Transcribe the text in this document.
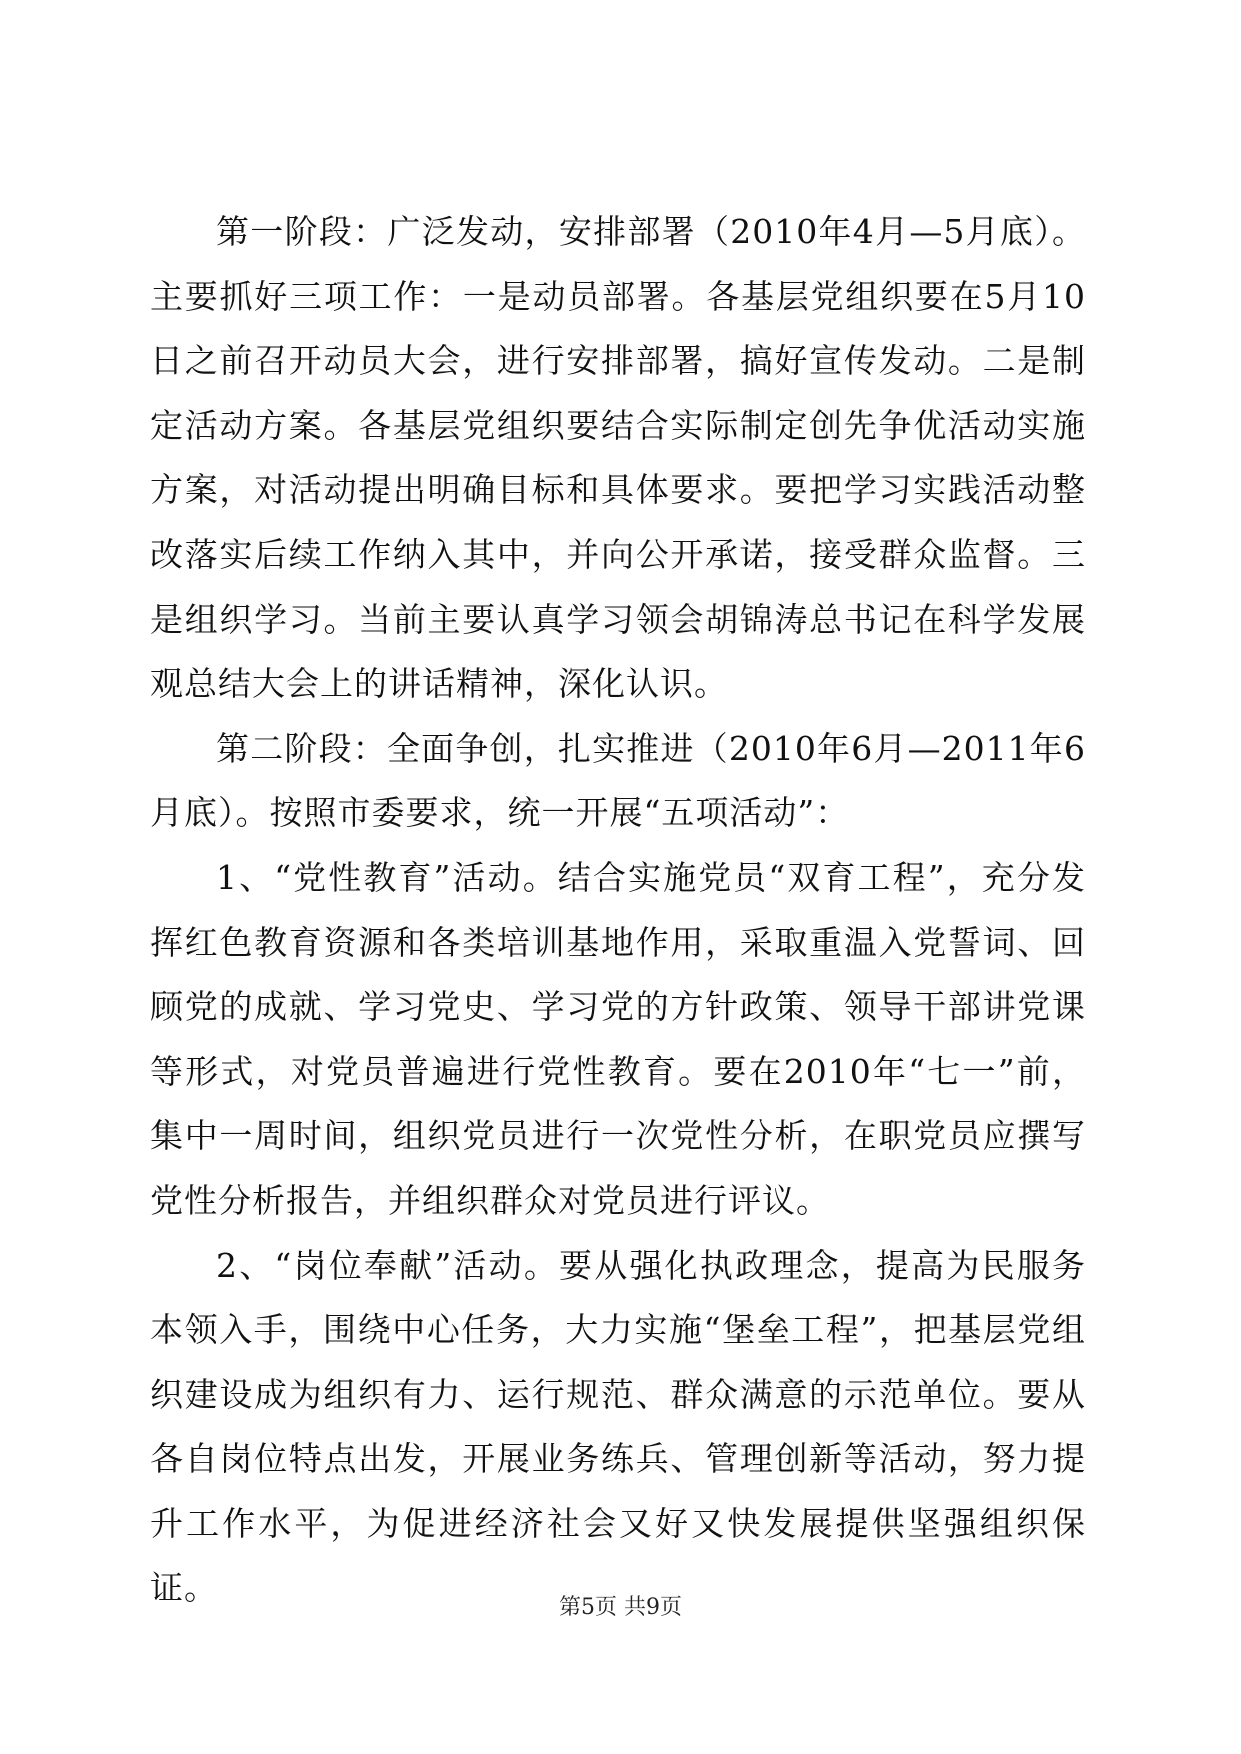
第一阶段：广泛发动，安排部署（2010年4月—5月底）。主要抓好三项工作：一是动员部署。各基层党组织要在5月10日之前召开动员大会，进行安排部署，搞好宣传发动。二是制定活动方案。各基层党组织要结合实际制定创先争优活动实施方案，对活动提出明确目标和具体要求。要把学习实践活动整改落实后续工作纳入其中，并向公开承诺，接受群众监督。三是组织学习。当前主要认真学习领会胡锦涛总书记在科学发展观总结大会上的讲话精神，深化认识。

第二阶段：全面争创，扎实推进（2010年6月—2011年6月底）。按照市委要求，统一开展“五项活动”：

1、“党性教育”活动。结合实施党员“双育工程”，充分发挥红色教育资源和各类培训基地作用，采取重温入党誓词、回顾党的成就、学习党史、学习党的方针政策、领导干部讲党课等形式，对党员普遍进行党性教育。要在2010年“七一”前，集中一周时间，组织党员进行一次党性分析，在职党员应撰写党性分析报告，并组织群众对党员进行评议。

2、“岗位奉献”活动。要从强化执政理念，提高为民服务本领入手，围绕中心任务，大力实施“堡垒工程”，把基层党组织建设成为组织有力、运行规范、群众满意的示范单位。要从各自岗位特点出发，开展业务练兵、管理创新等活动，努力提升工作水平，为促进经济社会又好又快发展提供坚强组织保证。

第5页 共9页
